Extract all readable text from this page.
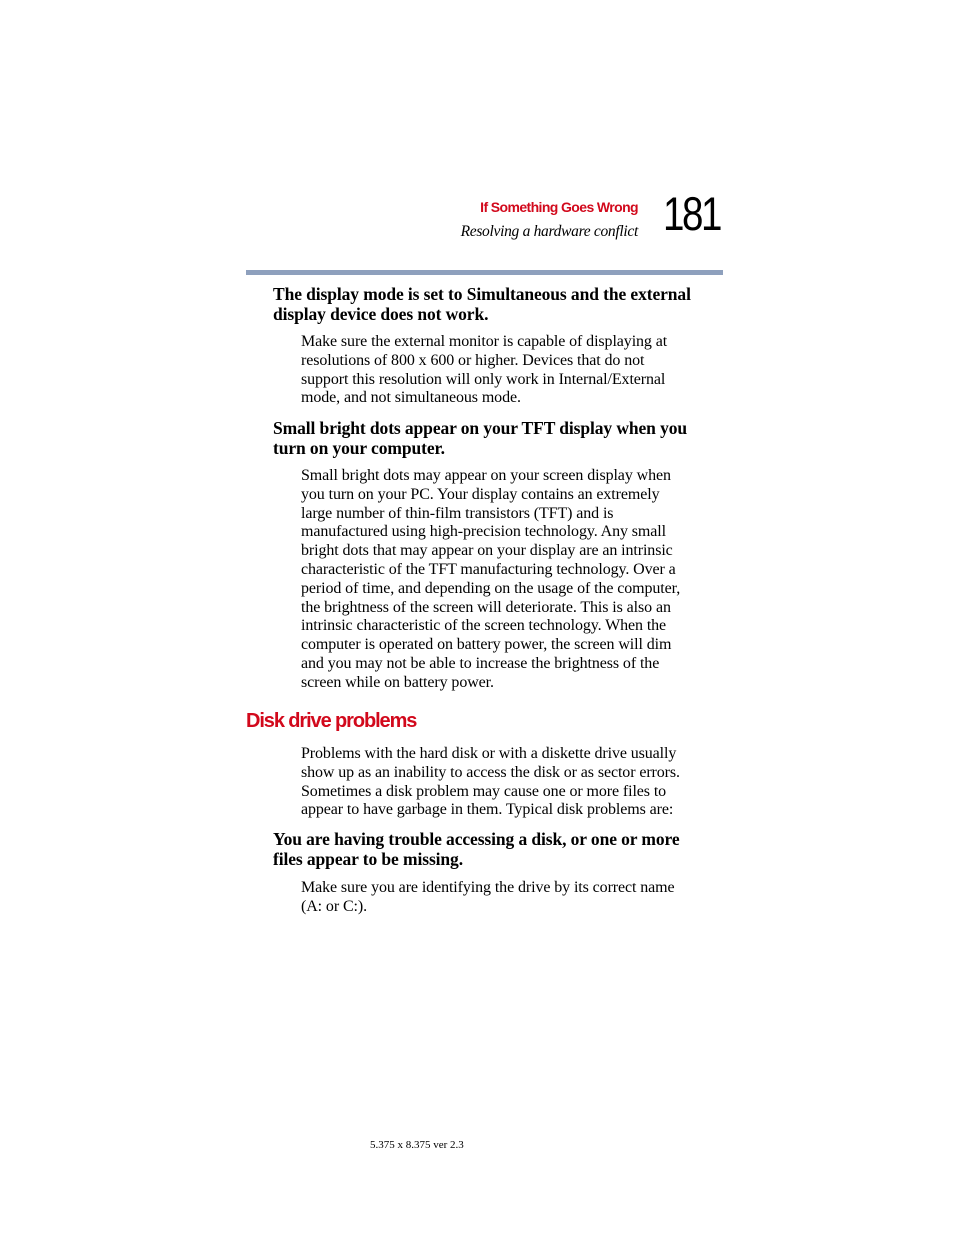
If Something Goes Wrong
Resolving a hardware conflict 181
The display mode is set to Simultaneous and the external
display device does not work.
Make sure the external monitor is capable of displaying at
resolutions of 800 x 600 or higher. Devices that do not
support this resolution will only work in Internal/External
mode, and not simultaneous mode.
Small bright dots appear on your TFT display when you
turn on your computer.
Small bright dots may appear on your screen display when
you turn on your PC. Your display contains an extremely
large number of thin-film transistors (TFT) and is
manufactured using high-precision technology. Any small
bright dots that may appear on your display are an intrinsic
characteristic of the TFT manufacturing technology. Over a
period of time, and depending on the usage of the computer,
the brightness of the screen will deteriorate. This is also an
intrinsic characteristic of the screen technology. When the
computer is operated on battery power, the screen will dim
and you may not be able to increase the brightness of the
screen while on battery power.
Disk drive problems
Problems with the hard disk or with a diskette drive usually
show up as an inability to access the disk or as sector errors.
Sometimes a disk problem may cause one or more files to
appear to have garbage in them. Typical disk problems are:
You are having trouble accessing a disk, or one or more
files appear to be missing.
Make sure you are identifying the drive by its correct name
(A: or C:).
5.375 x 8.375 ver 2.3
